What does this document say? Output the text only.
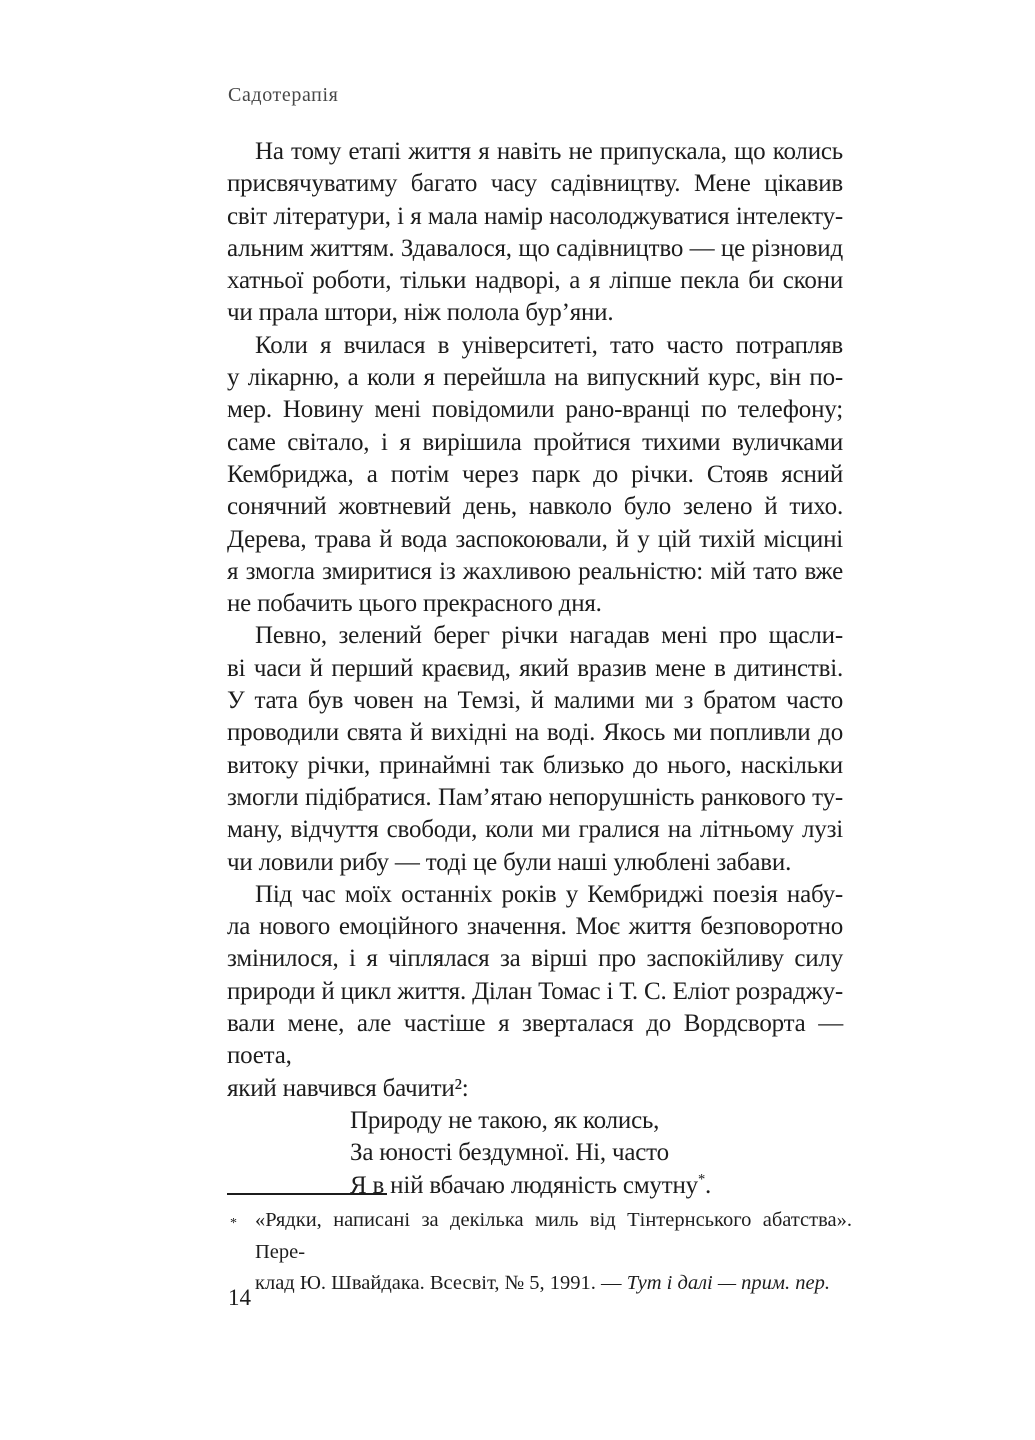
Садотерапія
На тому етапі життя я навіть не припускала, що колись
присвячуватиму багато часу садівництву. Мене цікавив
світ літератури, і я мала намір насолоджуватися інтелекту-
альним життям. Здавалося, що садівництво — це різновид
хатньої роботи, тільки надворі, а я ліпше пекла би скони
чи прала штори, ніж полола бур’яни.
Коли я вчилася в університеті, тато часто потрапляв
у лікарню, а коли я перейшла на випускний курс, він по-
мер. Новину мені повідомили рано-вранці по телефону;
саме світало, і я вирішила пройтися тихими вуличками
Кембриджа, а потім через парк до річки. Стояв ясний
сонячний жовтневий день, навколо було зелено й тихо.
Дерева, трава й вода заспокоювали, й у цій тихій місцині
я змогла змиритися із жахливою реальністю: мій тато вже
не побачить цього прекрасного дня.
Певно, зелений берег річки нагадав мені про щасли-
ві часи й перший краєвид, який вразив мене в дитинстві.
У тата був човен на Темзі, й малими ми з братом часто
проводили свята й вихідні на воді. Якось ми попливли до
витоку річки, принаймні так близько до нього, наскільки
змогли підібратися. Пам’ятаю непорушність ранкового ту-
ману, відчуття свободи, коли ми гралися на літньому лузі
чи ловили рибу — тоді це були наші улюблені забави.
Під час моїх останніх років у Кембриджі поезія набу-
ла нового емоційного значення. Моє життя безповоротно
змінилося, і я чіплялася за вірші про заспокійливу силу
природи й цикл життя. Ділан Томас і Т. С. Еліот розраджу-
вали мене, але частіше я зверталася до Вордсворта — поета,
який навчився бачити²:
Природу не такою, як колись,
За юності бездумної. Ні, часто
Я в ній вбачаю людяність смутну*.
* «Рядки, написані за декілька миль від Тінтернського абатства». Пере-
клад Ю. Швайдака. Всесвіт, № 5, 1991. — Тут і далі — прим. пер.
14
